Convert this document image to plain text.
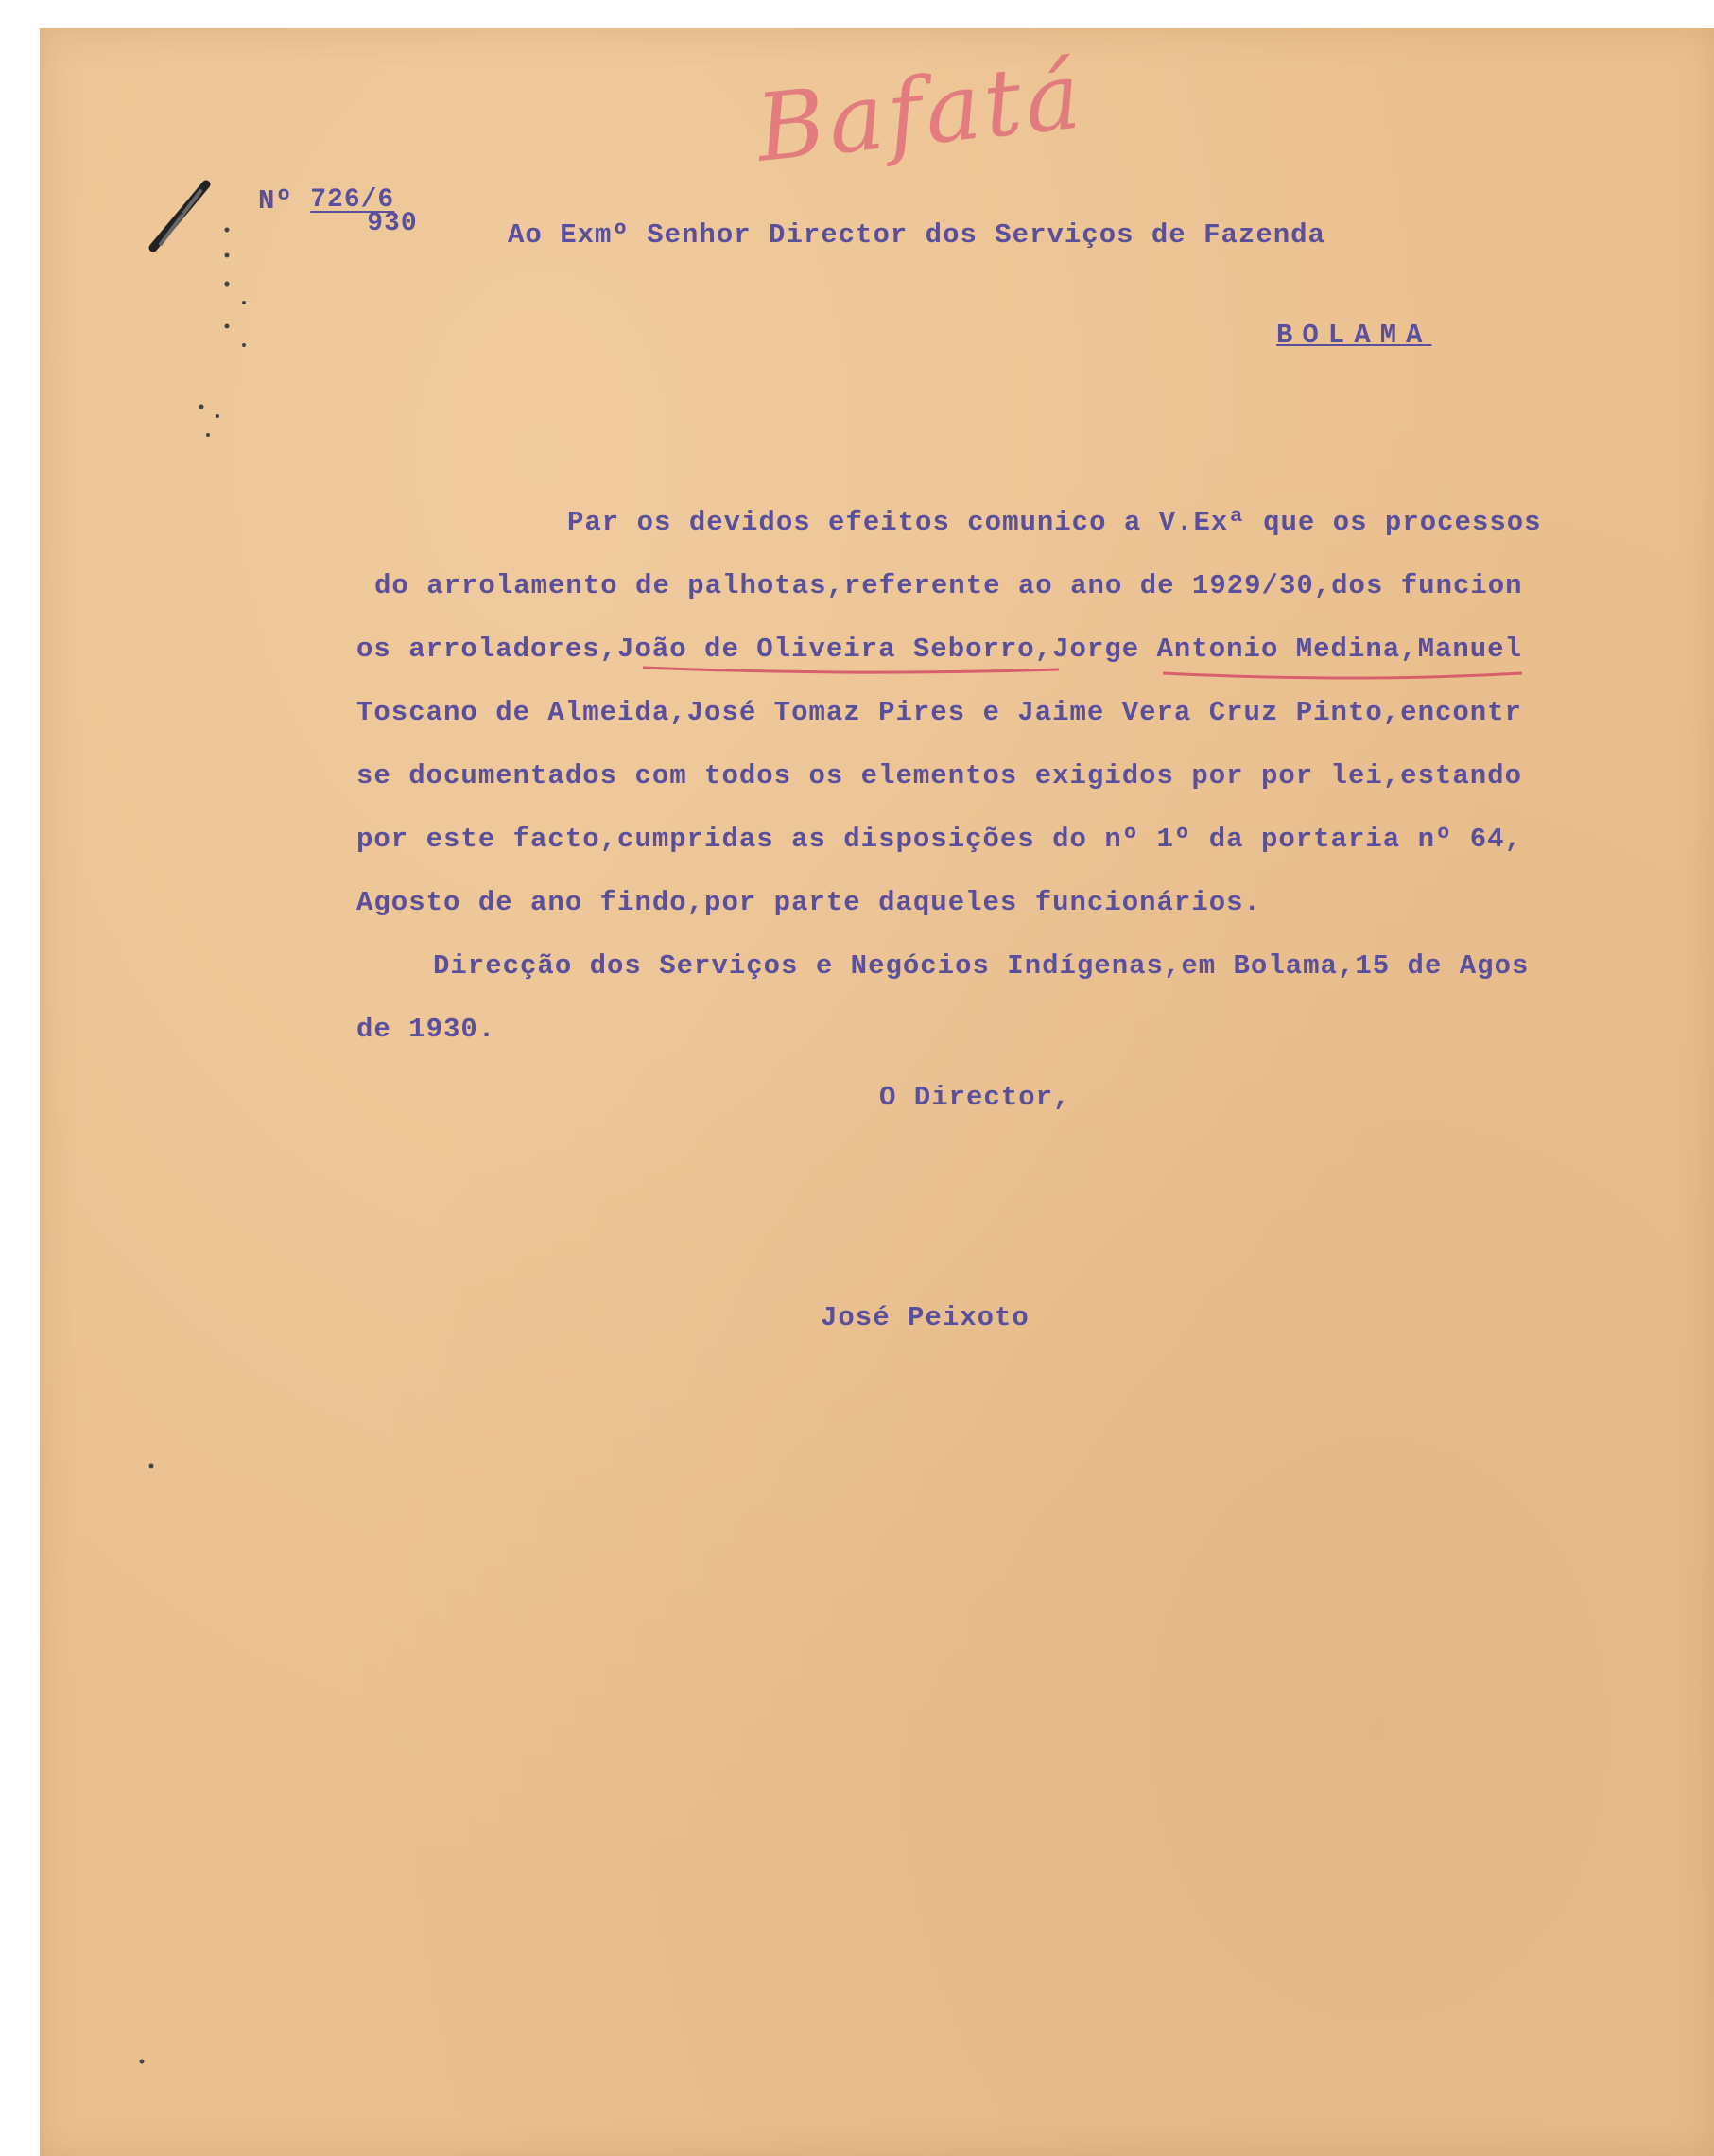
Bafatá
Nº $\frac{726/6}{930}$	Ao Exmº Senhor Director dos Serviços de Fazenda
BOLAMA
Par os devidos efeitos comunico a V.Exª que os processos
do arrolamento de palhotas,referente ao ano de 1929/30,dos funcion
os arroladores,João de Oliveira Seborro,Jorge Antonio Medina,Manuel
Toscano de Almeida,José Tomaz Pires e Jaime Vera Cruz Pinto,encontr
se documentados com todos os elementos exigidos por por lei,estando
por este facto,cumpridas as disposições do nº 1º da portaria nº 64,
Agosto de ano findo,por parte daqueles funcionários.
Direcção dos Serviços e Negócios Indígenas,em Bolama,15 de Agos
de 1930.
O Director,
José Peixoto
